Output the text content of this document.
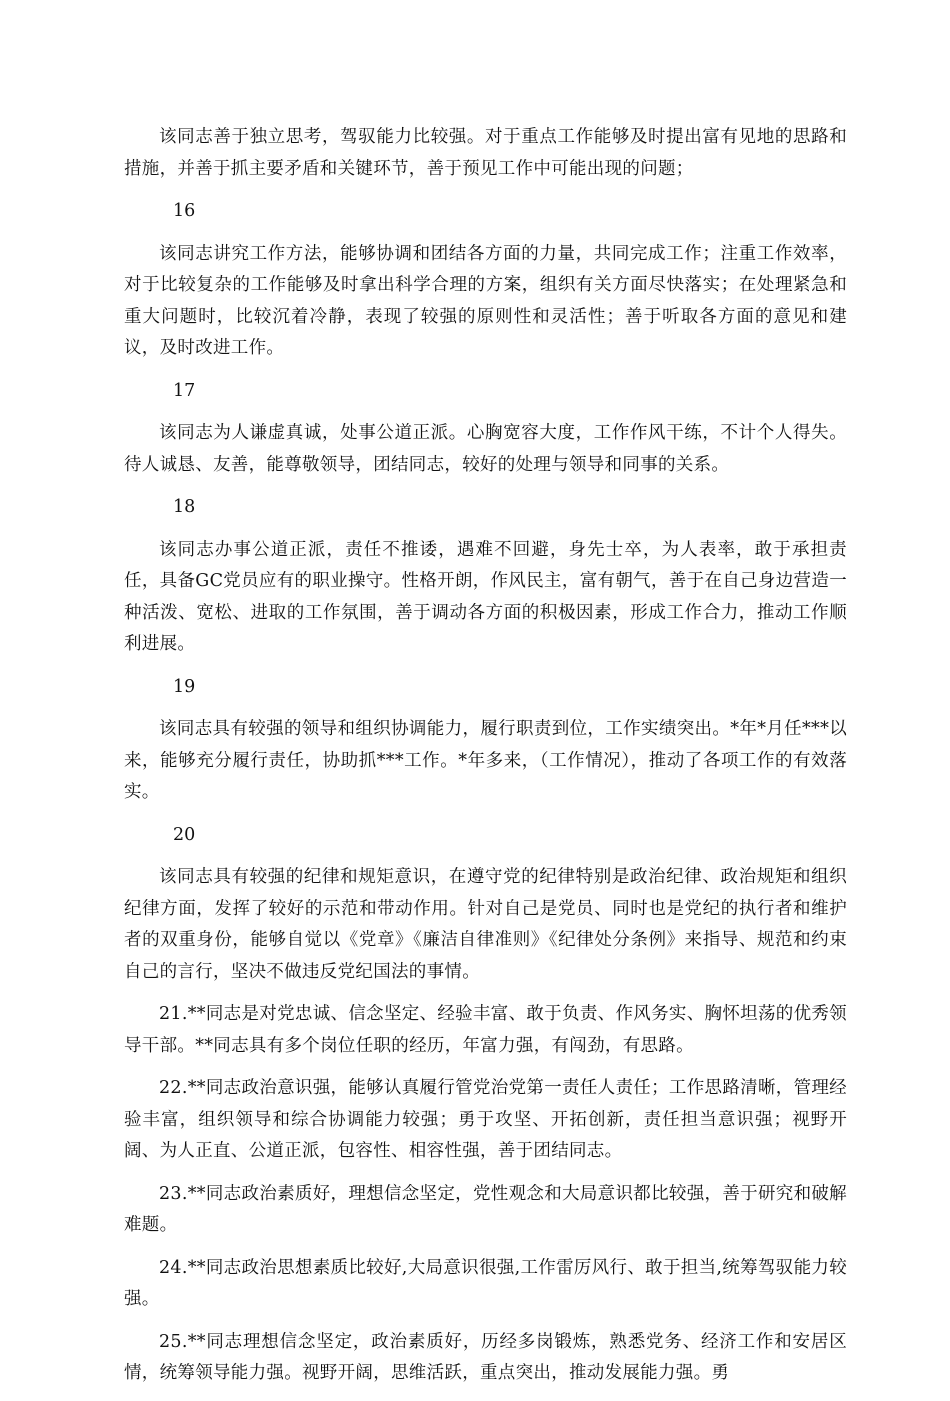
该同志善于独立思考，驾驭能力比较强。对于重点工作能够及时提出富有见地的思路和措施，并善于抓主要矛盾和关键环节，善于预见工作中可能出现的问题；

16

该同志讲究工作方法，能够协调和团结各方面的力量，共同完成工作；注重工作效率，对于比较复杂的工作能够及时拿出科学合理的方案，组织有关方面尽快落实；在处理紧急和重大问题时，比较沉着冷静，表现了较强的原则性和灵活性；善于听取各方面的意见和建议，及时改进工作。

17

该同志为人谦虚真诚，处事公道正派。心胸宽容大度，工作作风干练，不计个人得失。待人诚恳、友善，能尊敬领导，团结同志，较好的处理与领导和同事的关系。

18

该同志办事公道正派，责任不推诿，遇难不回避，身先士卒，为人表率，敢于承担责任，具备GC党员应有的职业操守。性格开朗，作风民主，富有朝气，善于在自己身边营造一种活泼、宽松、进取的工作氛围，善于调动各方面的积极因素，形成工作合力，推动工作顺利进展。

19

该同志具有较强的领导和组织协调能力，履行职责到位，工作实绩突出。*年*月任***以来，能够充分履行责任，协助抓***工作。*年多来，（工作情况），推动了各项工作的有效落实。

20

该同志具有较强的纪律和规矩意识，在遵守党的纪律特别是政治纪律、政治规矩和组织纪律方面，发挥了较好的示范和带动作用。针对自己是党员、同时也是党纪的执行者和维护者的双重身份，能够自觉以《党章》《廉洁自律准则》《纪律处分条例》来指导、规范和约束自己的言行，坚决不做违反党纪国法的事情。

21.**同志是对党忠诚、信念坚定、经验丰富、敢于负责、作风务实、胸怀坦荡的优秀领导干部。**同志具有多个岗位任职的经历，年富力强，有闯劲，有思路。

22.**同志政治意识强，能够认真履行管党治党第一责任人责任；工作思路清晰，管理经验丰富，组织领导和综合协调能力较强；勇于攻坚、开拓创新，责任担当意识强；视野开阔、为人正直、公道正派，包容性、相容性强，善于团结同志。

23.**同志政治素质好，理想信念坚定，党性观念和大局意识都比较强，善于研究和破解难题。

24.**同志政治思想素质比较好,大局意识很强,工作雷厉风行、敢于担当,统筹驾驭能力较强。

25.**同志理想信念坚定，政治素质好，历经多岗锻炼，熟悉党务、经济工作和安居区情，统筹领导能力强。视野开阔，思维活跃，重点突出，推动发展能力强。勇
